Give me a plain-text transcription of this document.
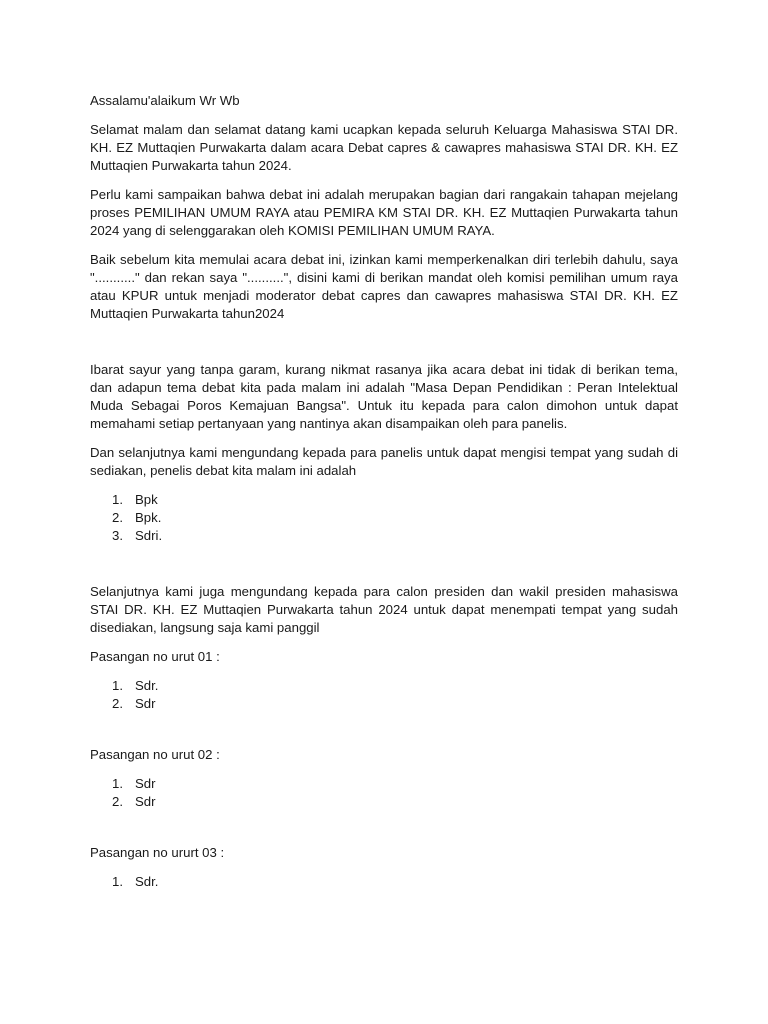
Assalamu'alaikum Wr Wb

Selamat malam dan selamat datang kami ucapkan kepada seluruh Keluarga Mahasiswa STAI DR. KH. EZ Muttaqien Purwakarta dalam acara Debat capres & cawapres mahasiswa STAI DR. KH. EZ Muttaqien Purwakarta tahun 2024.

Perlu kami sampaikan bahwa debat ini adalah merupakan bagian dari rangakain tahapan mejelang proses PEMILIHAN UMUM RAYA atau PEMIRA KM STAI DR. KH. EZ Muttaqien Purwakarta tahun 2024 yang di selenggarakan oleh KOMISI PEMILIHAN UMUM RAYA.

Baik sebelum kita memulai acara debat ini, izinkan kami memperkenalkan diri terlebih dahulu, saya "..........." dan rekan saya "..........", disini kami di berikan mandat oleh komisi pemilihan umum raya atau KPUR untuk menjadi moderator debat capres dan cawapres mahasiswa STAI DR. KH. EZ Muttaqien Purwakarta tahun2024

Ibarat sayur yang tanpa garam, kurang nikmat rasanya jika acara debat ini tidak di berikan tema, dan adapun tema debat kita pada malam ini adalah "Masa Depan Pendidikan : Peran Intelektual Muda Sebagai Poros Kemajuan Bangsa". Untuk itu kepada para calon dimohon untuk dapat memahami setiap pertanyaan yang nantinya akan disampaikan oleh para panelis.

Dan selanjutnya kami mengundang kepada para panelis untuk dapat mengisi tempat yang sudah di sediakan, penelis debat kita malam ini adalah

1. Bpk
2. Bpk.
3. Sdri.

Selanjutnya kami juga mengundang kepada para calon presiden dan wakil presiden mahasiswa STAI DR. KH. EZ Muttaqien Purwakarta tahun 2024 untuk dapat menempati tempat yang sudah disediakan, langsung saja kami panggil

Pasangan no urut 01 :

1. Sdr.
2. Sdr

Pasangan no urut 02 :

1. Sdr
2. Sdr

Pasangan no ururt 03 :

1. Sdr.
